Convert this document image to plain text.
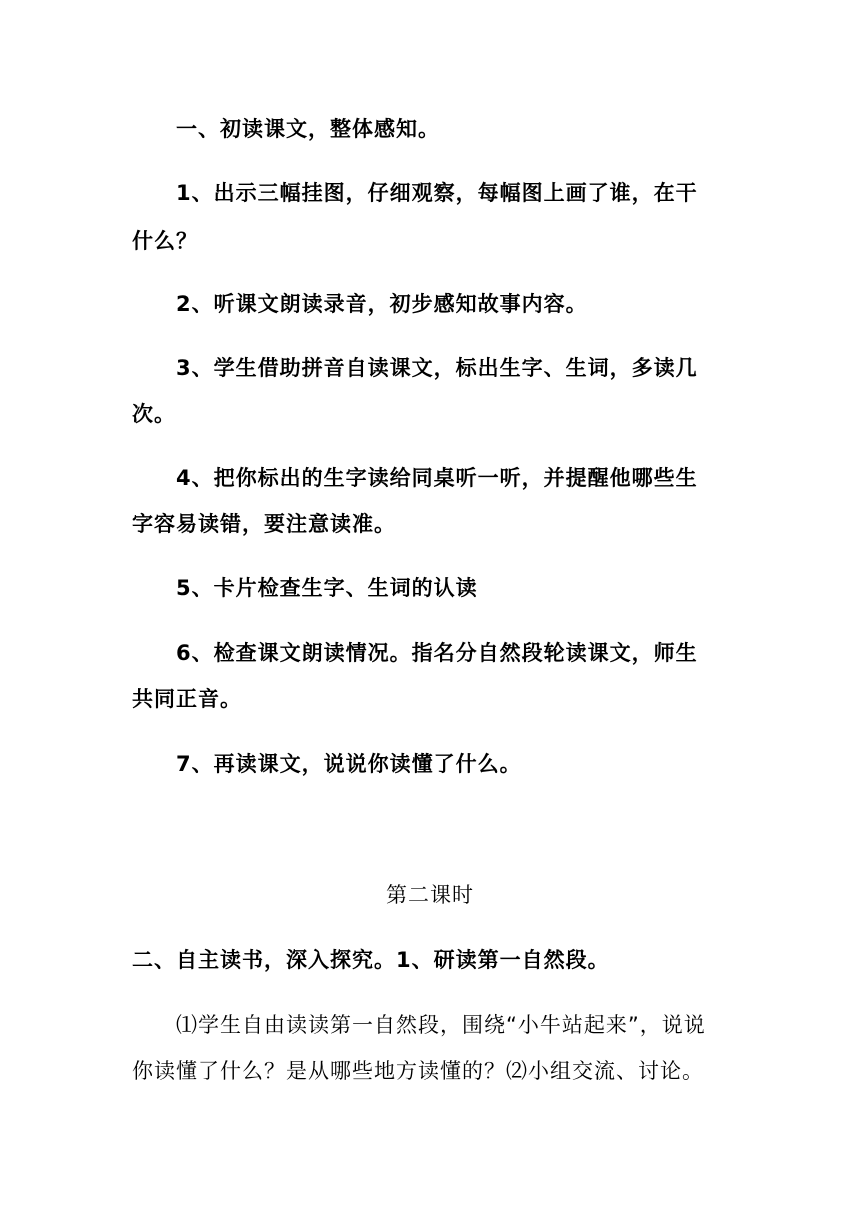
一、初读课文，整体感知。
1、出示三幅挂图，仔细观察，每幅图上画了谁，在干
什么？
2、听课文朗读录音，初步感知故事内容。
3、学生借助拼音自读课文，标出生字、生词，多读几
次。
4、把你标出的生字读给同桌听一听，并提醒他哪些生
字容易读错，要注意读准。
5、卡片检查生字、生词的认读
6、检查课文朗读情况。指名分自然段轮读课文，师生
共同正音。
7、再读课文，说说你读懂了什么。
第二课时
二、自主读书，深入探究。1、研读第一自然段。
⑴学生自由读读第一自然段，围绕“小牛站起来”，说说
你读懂了什么？是从哪些地方读懂的？⑵小组交流、讨论。
